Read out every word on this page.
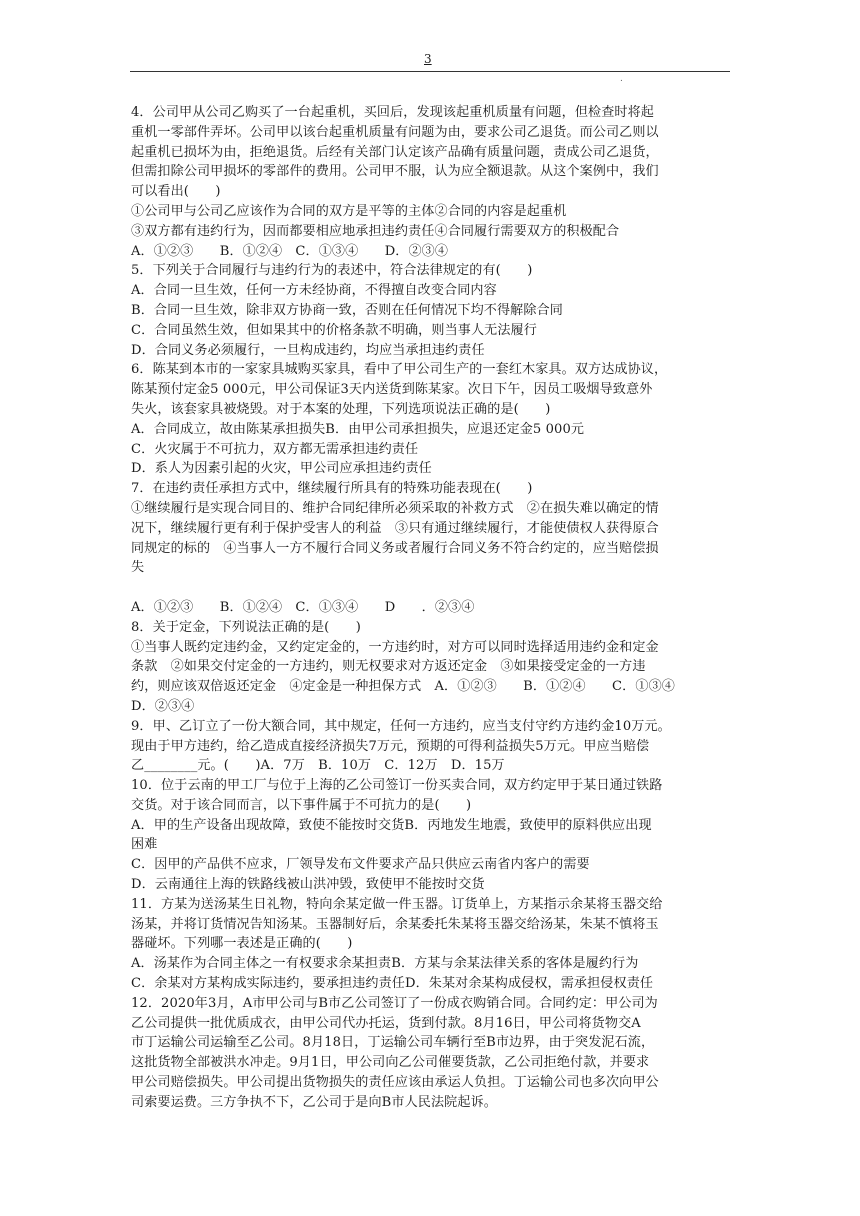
3
.
4．公司甲从公司乙购买了一台起重机，买回后，发现该起重机质量有问题，但检查时将起
重机一零部件弄坏。公司甲以该台起重机质量有问题为由，要求公司乙退货。而公司乙则以
起重机已损坏为由，拒绝退货。后经有关部门认定该产品确有质量问题，责成公司乙退货，
但需扣除公司甲损坏的零部件的费用。公司甲不服，认为应全额退款。从这个案例中，我们
可以看出(　　)
①公司甲与公司乙应该作为合同的双方是平等的主体②合同的内容是起重机
③双方都有违约行为，因而都要相应地承担违约责任④合同履行需要双方的积极配合
A．①②③　　B．①②④　C．①③④　　D．②③④
5．下列关于合同履行与违约行为的表述中，符合法律规定的有(　　)
A．合同一旦生效，任何一方未经协商，不得擅自改变合同内容
B．合同一旦生效，除非双方协商一致，否则在任何情况下均不得解除合同
C．合同虽然生效，但如果其中的价格条款不明确，则当事人无法履行
D．合同义务必须履行，一旦构成违约，均应当承担违约责任
6．陈某到本市的一家家具城购买家具，看中了甲公司生产的一套红木家具。双方达成协议，
陈某预付定金5 000元，甲公司保证3天内送货到陈某家。次日下午，因员工吸烟导致意外
失火，该套家具被烧毁。对于本案的处理，下列选项说法正确的是(　　)
A．合同成立，故由陈某承担损失B．由甲公司承担损失，应退还定金5 000元
C．火灾属于不可抗力，双方都无需承担违约责任
D．系人为因素引起的火灾，甲公司应承担违约责任
7．在违约责任承担方式中，继续履行所具有的特殊功能表现在(　　)
①继续履行是实现合同目的、维护合同纪律所必须采取的补救方式　②在损失难以确定的情
况下，继续履行更有利于保护受害人的利益　③只有通过继续履行，才能使债权人获得原合
同规定的标的　④当事人一方不履行合同义务或者履行合同义务不符合约定的，应当赔偿损
失
A．①②③　　B．①②④　C．①③④　　D　　．②③④
8．关于定金，下列说法正确的是(　　)
①当事人既约定违约金，又约定定金的，一方违约时，对方可以同时选择适用违约金和定金
条款　②如果交付定金的一方违约，则无权要求对方返还定金　③如果接受定金的一方违
约，则应该双倍返还定金　④定金是一种担保方式　A．①②③　　B．①②④　　C．①③④
D．②③④
9．甲、乙订立了一份大额合同，其中规定，任何一方违约，应当支付守约方违约金10万元。
现由于甲方违约，给乙造成直接经济损失7万元，预期的可得利益损失5万元。甲应当赔偿
乙________元。(　　)A．7万　B．10万　C．12万　D．15万
10．位于云南的甲工厂与位于上海的乙公司签订一份买卖合同，双方约定甲于某日通过铁路
交货。对于该合同而言，以下事件属于不可抗力的是(　　)
A．甲的生产设备出现故障，致使不能按时交货B．丙地发生地震，致使甲的原料供应出现
困难
C．因甲的产品供不应求，厂领导发布文件要求产品只供应云南省内客户的需要
D．云南通往上海的铁路线被山洪冲毁，致使甲不能按时交货
11．方某为送汤某生日礼物，特向余某定做一件玉器。订货单上，方某指示余某将玉器交给
汤某，并将订货情况告知汤某。玉器制好后，余某委托朱某将玉器交给汤某，朱某不慎将玉
器碰坏。下列哪一表述是正确的(　　)
A．汤某作为合同主体之一有权要求余某担责B．方某与余某法律关系的客体是履约行为
C．余某对方某构成实际违约，要承担违约责任D．朱某对余某构成侵权，需承担侵权责任
12．2020年3月，A市甲公司与B市乙公司签订了一份成衣购销合同。合同约定：甲公司为
乙公司提供一批优质成衣，由甲公司代办托运，货到付款。8月16日，甲公司将货物交A
市丁运输公司运输至乙公司。8月18日，丁运输公司车辆行至B市边界，由于突发泥石流，
这批货物全部被洪水冲走。9月1日，甲公司向乙公司催要货款，乙公司拒绝付款，并要求
甲公司赔偿损失。甲公司提出货物损失的责任应该由承运人负担。丁运输公司也多次向甲公
司索要运费。三方争执不下，乙公司于是向B市人民法院起诉。
